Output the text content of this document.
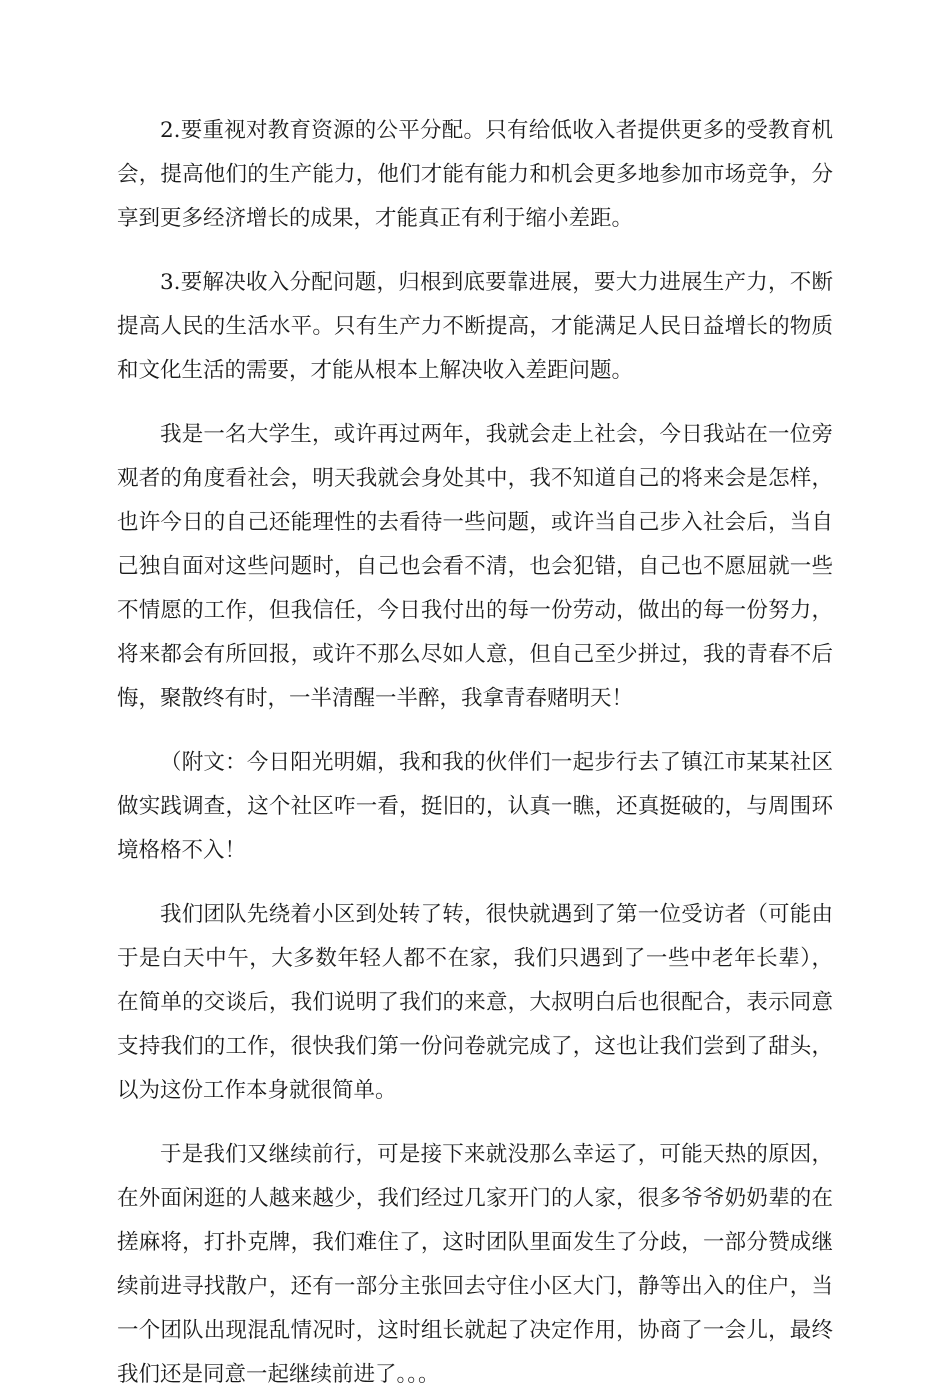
2.要重视对教育资源的公平分配。只有给低收入者提供更多的受教育机会，提高他们的生产能力，他们才能有能力和机会更多地参加市场竞争，分享到更多经济增长的成果，才能真正有利于缩小差距。

3.要解决收入分配问题，归根到底要靠进展，要大力进展生产力，不断提高人民的生活水平。只有生产力不断提高，才能满足人民日益增长的物质和文化生活的需要，才能从根本上解决收入差距问题。

我是一名大学生，或许再过两年，我就会走上社会，今日我站在一位旁观者的角度看社会，明天我就会身处其中，我不知道自己的将来会是怎样，也许今日的自己还能理性的去看待一些问题，或许当自己步入社会后，当自己独自面对这些问题时，自己也会看不清，也会犯错，自己也不愿屈就一些不情愿的工作，但我信任，今日我付出的每一份劳动，做出的每一份努力，将来都会有所回报，或许不那么尽如人意，但自己至少拼过，我的青春不后悔，聚散终有时，一半清醒一半醉，我拿青春赌明天！

（附文：今日阳光明媚，我和我的伙伴们一起步行去了镇江市某某社区做实践调查，这个社区咋一看，挺旧的，认真一瞧，还真挺破的，与周围环境格格不入！

我们团队先绕着小区到处转了转，很快就遇到了第一位受访者（可能由于是白天中午，大多数年轻人都不在家，我们只遇到了一些中老年长辈），在简单的交谈后，我们说明了我们的来意，大叔明白后也很配合，表示同意支持我们的工作，很快我们第一份问卷就完成了，这也让我们尝到了甜头，以为这份工作本身就很简单。

于是我们又继续前行，可是接下来就没那么幸运了，可能天热的原因，在外面闲逛的人越来越少，我们经过几家开门的人家，很多爷爷奶奶辈的在搓麻将，打扑克牌，我们难住了，这时团队里面发生了分歧，一部分赞成继续前进寻找散户，还有一部分主张回去守住小区大门，静等出入的住户，当一个团队出现混乱情况时，这时组长就起了决定作用，协商了一会儿，最终我们还是同意一起继续前进了。。。
